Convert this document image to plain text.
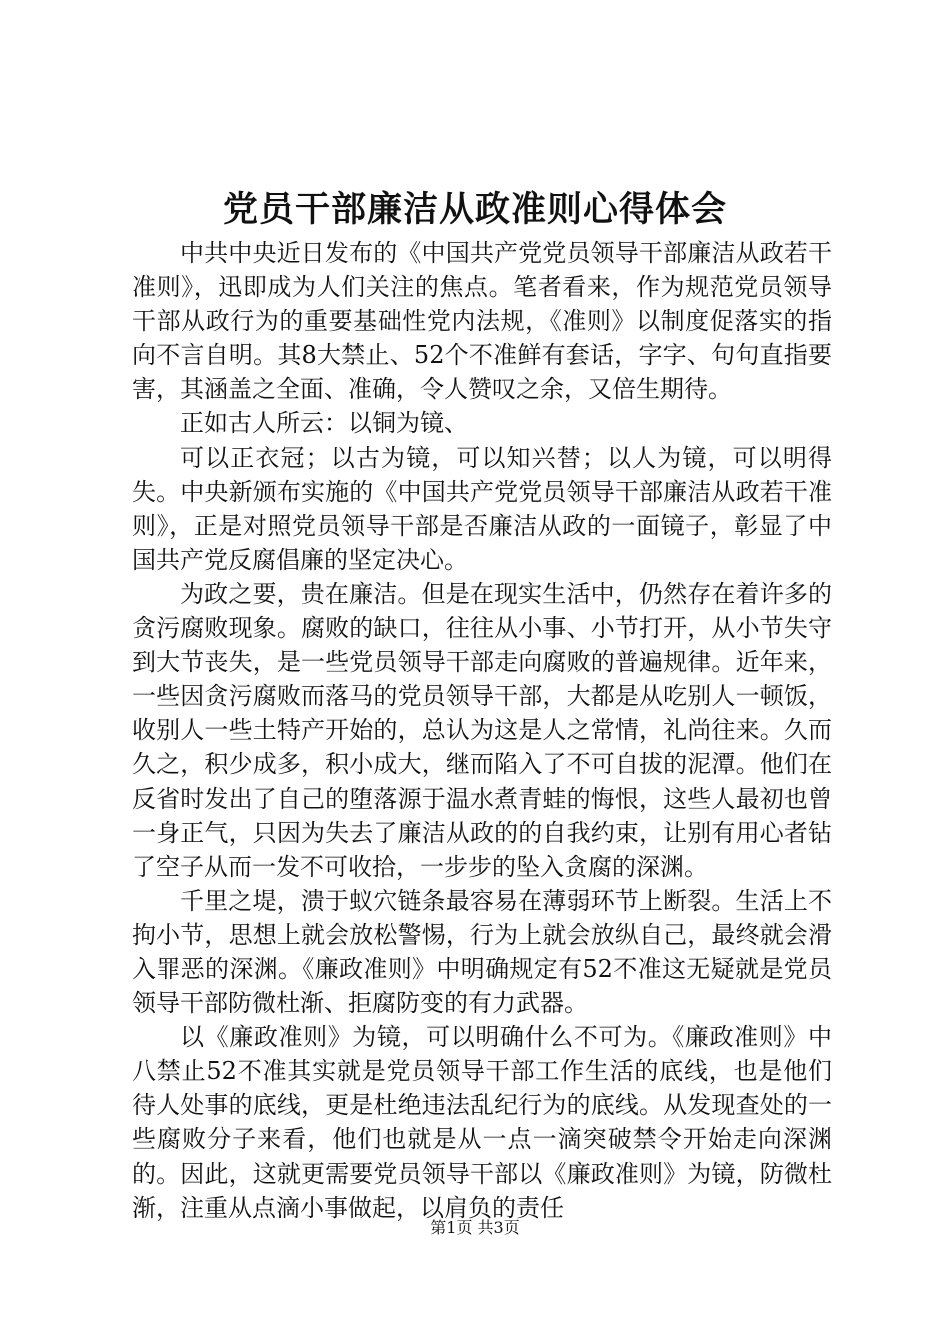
党员干部廉洁从政准则心得体会

中共中央近日发布的《中国共产党党员领导干部廉洁从政若干准则》，迅即成为人们关注的焦点。笔者看来，作为规范党员领导干部从政行为的重要基础性党内法规，《准则》以制度促落实的指向不言自明。其8大禁止、52个不准鲜有套话，字字、句句直指要害，其涵盖之全面、准确，令人赞叹之余，又倍生期待。

正如古人所云：以铜为镜、

可以正衣冠；以古为镜，可以知兴替；以人为镜，可以明得失。中央新颁布实施的《中国共产党党员领导干部廉洁从政若干准则》，正是对照党员领导干部是否廉洁从政的一面镜子，彰显了中国共产党反腐倡廉的坚定决心。

为政之要，贵在廉洁。但是在现实生活中，仍然存在着许多的贪污腐败现象。腐败的缺口，往往从小事、小节打开，从小节失守到大节丧失，是一些党员领导干部走向腐败的普遍规律。近年来，一些因贪污腐败而落马的党员领导干部，大都是从吃别人一顿饭，收别人一些土特产开始的，总认为这是人之常情，礼尚往来。久而久之，积少成多，积小成大，继而陷入了不可自拔的泥潭。他们在反省时发出了自己的堕落源于温水煮青蛙的悔恨，这些人最初也曾一身正气，只因为失去了廉洁从政的的自我约束，让别有用心者钻了空子从而一发不可收拾，一步步的坠入贪腐的深渊。

千里之堤，溃于蚁穴链条最容易在薄弱环节上断裂。生活上不拘小节，思想上就会放松警惕，行为上就会放纵自己，最终就会滑入罪恶的深渊。《廉政准则》中明确规定有52不准这无疑就是党员领导干部防微杜渐、拒腐防变的有力武器。

以《廉政准则》为镜，可以明确什么不可为。《廉政准则》中八禁止52不准其实就是党员领导干部工作生活的底线，也是他们待人处事的底线，更是杜绝违法乱纪行为的底线。从发现查处的一些腐败分子来看，他们也就是从一点一滴突破禁令开始走向深渊的。因此，这就更需要党员领导干部以《廉政准则》为镜，防微杜渐，注重从点滴小事做起，以肩负的责任

第1页 共3页
